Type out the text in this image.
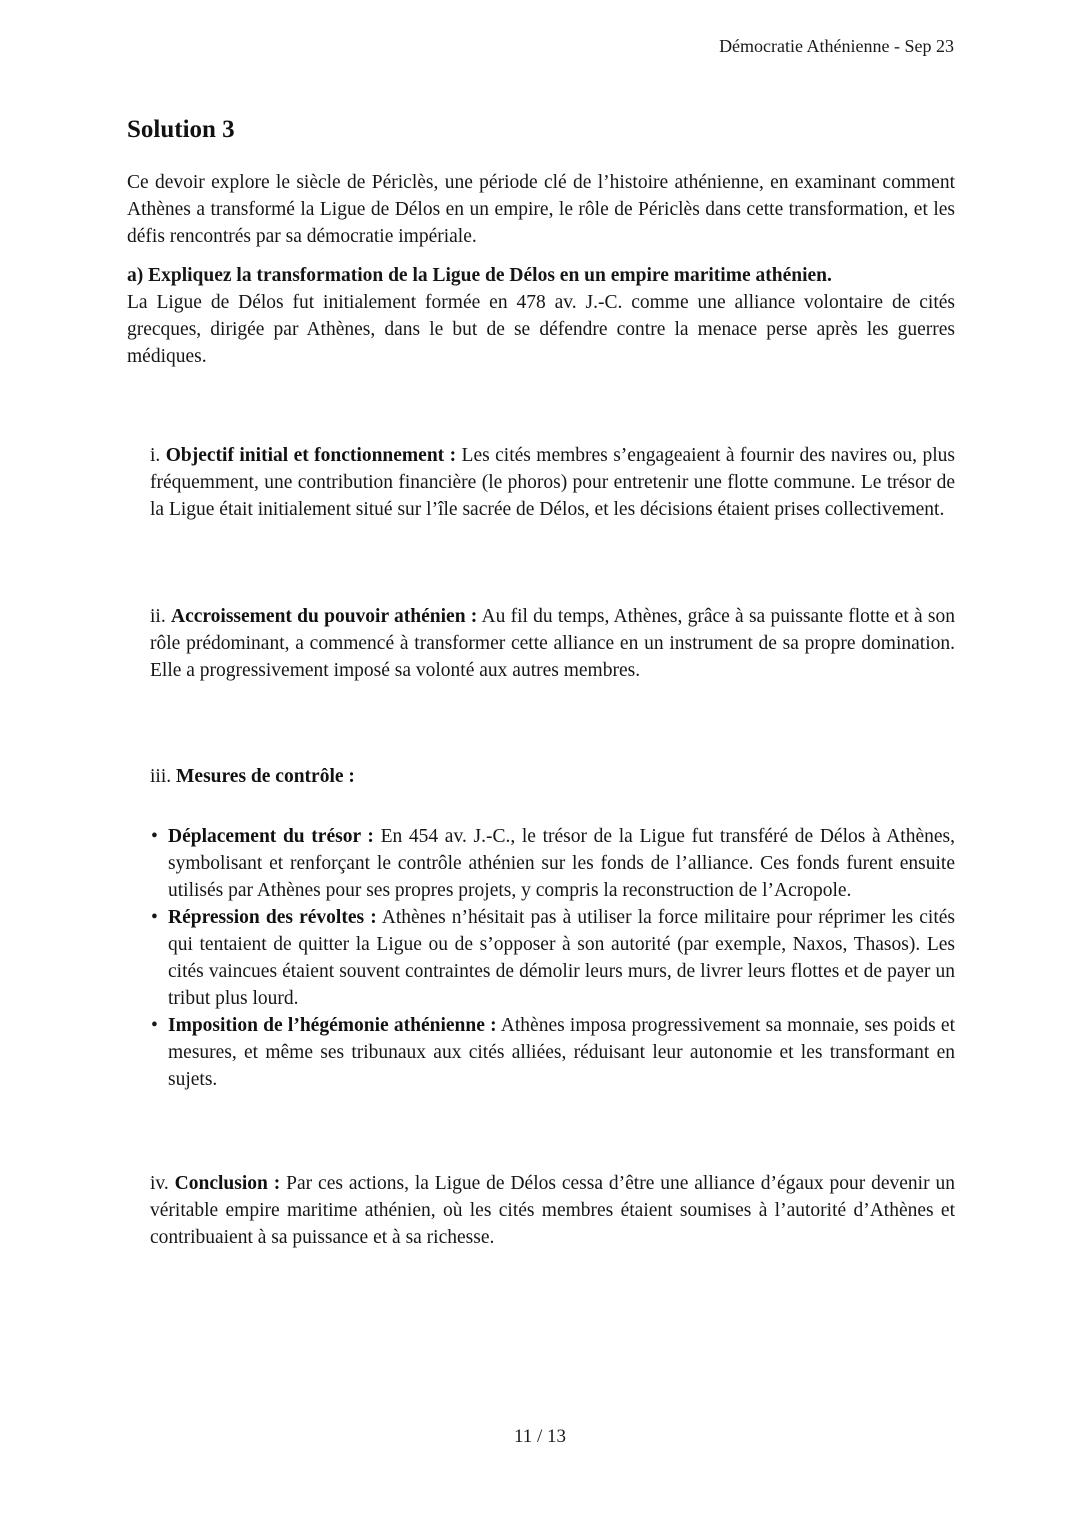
Démocratie Athénienne - Sep 23
Solution 3

Ce devoir explore le siècle de Périclès, une période clé de l’histoire athénienne, en examinant comment Athènes a transformé la Ligue de Délos en un empire, le rôle de Périclès dans cette transformation, et les défis rencontrés par sa démocratie impériale.

a) Expliquez la transformation de la Ligue de Délos en un empire maritime athénien.

La Ligue de Délos fut initialement formée en 478 av. J.-C. comme une alliance volontaire de cités grecques, dirigée par Athènes, dans le but de se défendre contre la menace perse après les guerres médiques.

i. Objectif initial et fonctionnement : Les cités membres s’engageaient à fournir des navires ou, plus fréquemment, une contribution financière (le phoros) pour entretenir une flotte commune. Le trésor de la Ligue était initialement situé sur l’île sacrée de Délos, et les décisions étaient prises collectivement.
ii. Accroissement du pouvoir athénien : Au fil du temps, Athènes, grâce à sa puissante flotte et à son rôle prédominant, a commencé à transformer cette alliance en un instrument de sa propre domination. Elle a progressivement imposé sa volonté aux autres membres.
iii. Mesures de contrôle :
• Déplacement du trésor : En 454 av. J.-C., le trésor de la Ligue fut transféré de Délos à Athènes, symbolisant et renforçant le contrôle athénien sur les fonds de l’alliance. Ces fonds furent ensuite utilisés par Athènes pour ses propres projets, y compris la reconstruction de l’Acropole.
• Répression des révoltes : Athènes n’hésitait pas à utiliser la force militaire pour réprimer les cités qui tentaient de quitter la Ligue ou de s’opposer à son autorité (par exemple, Naxos, Thasos). Les cités vaincues étaient souvent contraintes de démolir leurs murs, de livrer leurs flottes et de payer un tribut plus lourd.
• Imposition de l’hégémonie athénienne : Athènes imposa progressivement sa monnaie, ses poids et mesures, et même ses tribunaux aux cités alliées, réduisant leur autonomie et les transformant en sujets.
iv. Conclusion : Par ces actions, la Ligue de Délos cessa d’être une alliance d’égaux pour devenir un véritable empire maritime athénien, où les cités membres étaient soumises à l’autorité d’Athènes et contribuaient à sa puissance et à sa richesse.
11 / 13
